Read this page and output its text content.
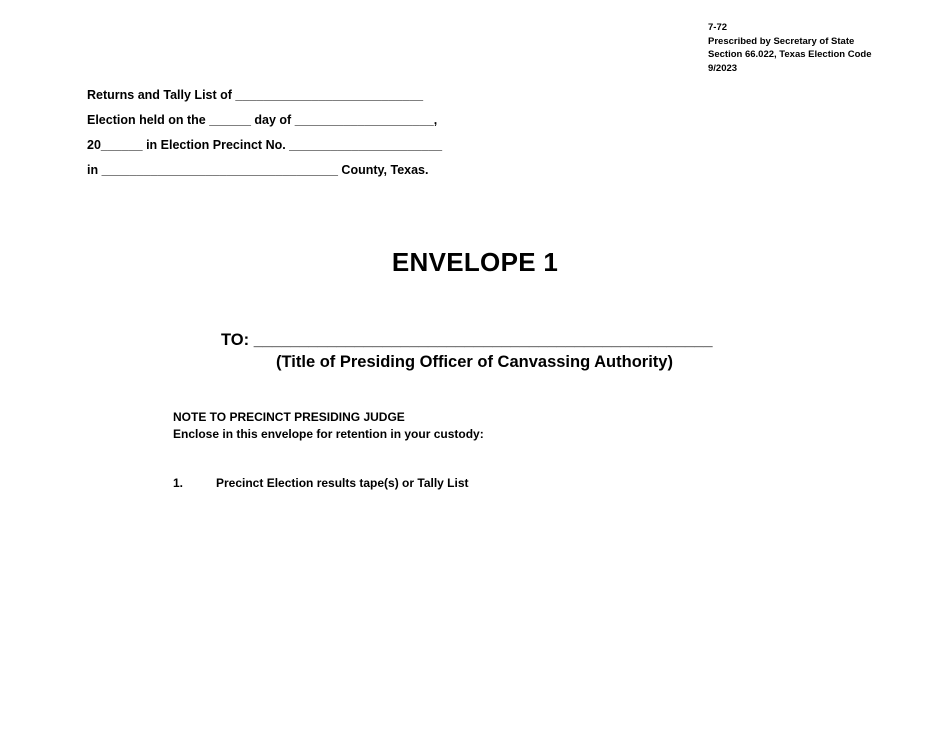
7-72
Prescribed by Secretary of State
Section 66.022, Texas Election Code
9/2023
Returns and Tally List of ___________________________
Election held on the ______ day of ____________________,
20______ in Election Precinct No. ______________________
in __________________________________ County, Texas.
ENVELOPE 1
TO: __________________________________________________
(Title of Presiding Officer of Canvassing Authority)
NOTE TO PRECINCT PRESIDING JUDGE
Enclose in this envelope for retention in your custody:
1.	Precinct Election results tape(s) or Tally List
